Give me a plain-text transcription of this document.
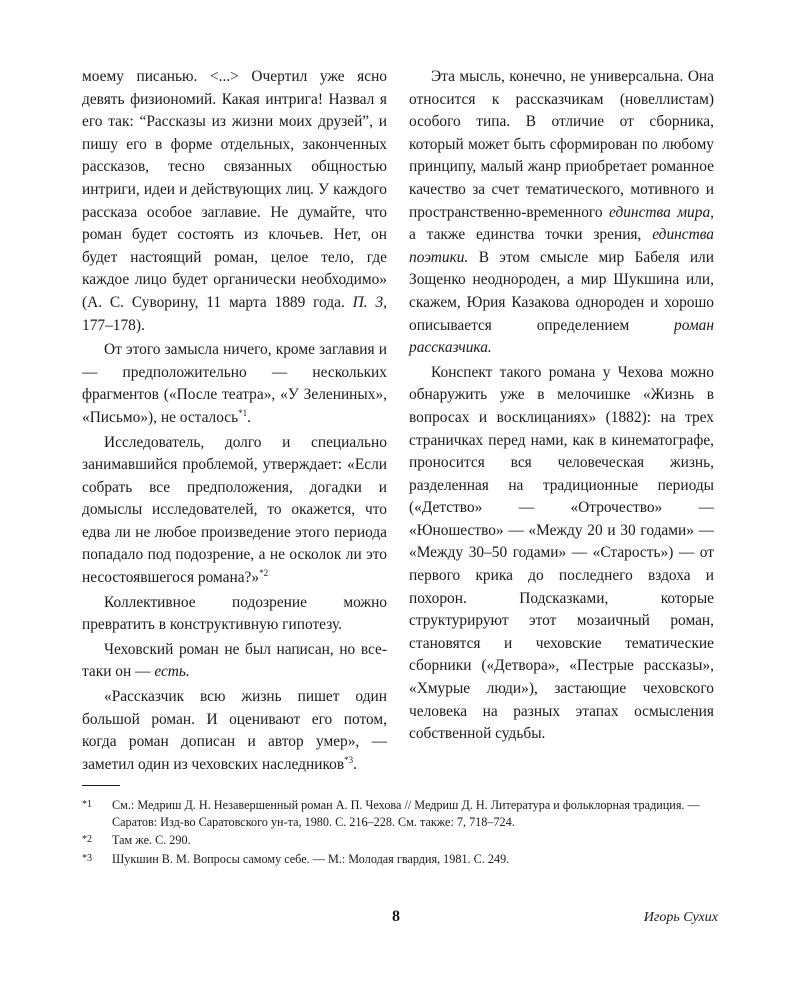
моему писанью. <...> Очертил уже ясно девять физиономий. Какая интрига! Назвал я его так: “Рассказы из жизни моих друзей”, и пишу его в форме отдельных, законченных рассказов, тесно связанных общностью интриги, идеи и действующих лиц. У каждого рассказа особое заглавие. Не думайте, что роман будет состоять из клочьев. Нет, он будет настоящий роман, целое тело, где каждое лицо будет органически необходимо» (А. С. Суворину, 11 марта 1889 года. П. 3, 177–178).

От этого замысла ничего, кроме заглавия и — предположительно — нескольких фрагментов («После театра», «У Зелениных», «Письмо»), не осталось$^{*1}$.

Исследователь, долго и специально занимавшийся проблемой, утверждает: «Если собрать все предположения, догадки и домыслы исследователей, то окажется, что едва ли не любое произведение этого периода попадало под подозрение, а не осколок ли это несостоявшегося романа?»$^{*2}$

Коллективное подозрение можно превратить в конструктивную гипотезу.

Чеховский роман не был написан, но все-таки он — есть.

«Рассказчик всю жизнь пишет один большой роман. И оценивают его потом, когда роман дописан и автор умер», — заметил один из чеховских наследников$^{*3}$.

Эта мысль, конечно, не универсальна. Она относится к рассказчикам (новеллистам) особого типа. В отличие от сборника, который может быть сформирован по любому принципу, малый жанр приобретает романное качество за счет тематического, мотивного и пространственно-временного единства мира, а также единства точки зрения, единства поэтики. В этом смысле мир Бабеля или Зощенко неоднороден, а мир Шукшина или, скажем, Юрия Казакова однороден и хорошо описывается определением	роман рассказчика.

Конспект такого романа у Чехова можно обнаружить уже в мелочишке «Жизнь в вопросах и восклицаниях» (1882): на трех страничках перед нами, как в кинематографе, проносится вся человеческая жизнь, разделенная на традиционные периоды («Детство» — «Отрочество» — «Юношество» — «Между 20 и 30 годами» — «Между 30–50 годами» — «Старость») — от первого крика до последнего вздоха и похорон. Подсказками, которые структурируют этот мозаичный роман, становятся и чеховские тематические сборники («Детвора», «Пестрые рассказы», «Хмурые люди»), застающие чеховского человека на разных этапах осмысления собственной судьбы.

*1	См.: Медриш Д. Н. Незавершенный роман А. П. Чехова // Медриш Д. Н. Литература и фольклорная традиция. — Саратов: Изд-во Саратовского ун-та, 1980. С. 216–228. См. также: 7, 718–724.
*2	Там же. С. 290.
*3	Шукшин В. М. Вопросы самому себе. — М.: Молодая гвардия, 1981. С. 249.
8	Игорь Сухих
